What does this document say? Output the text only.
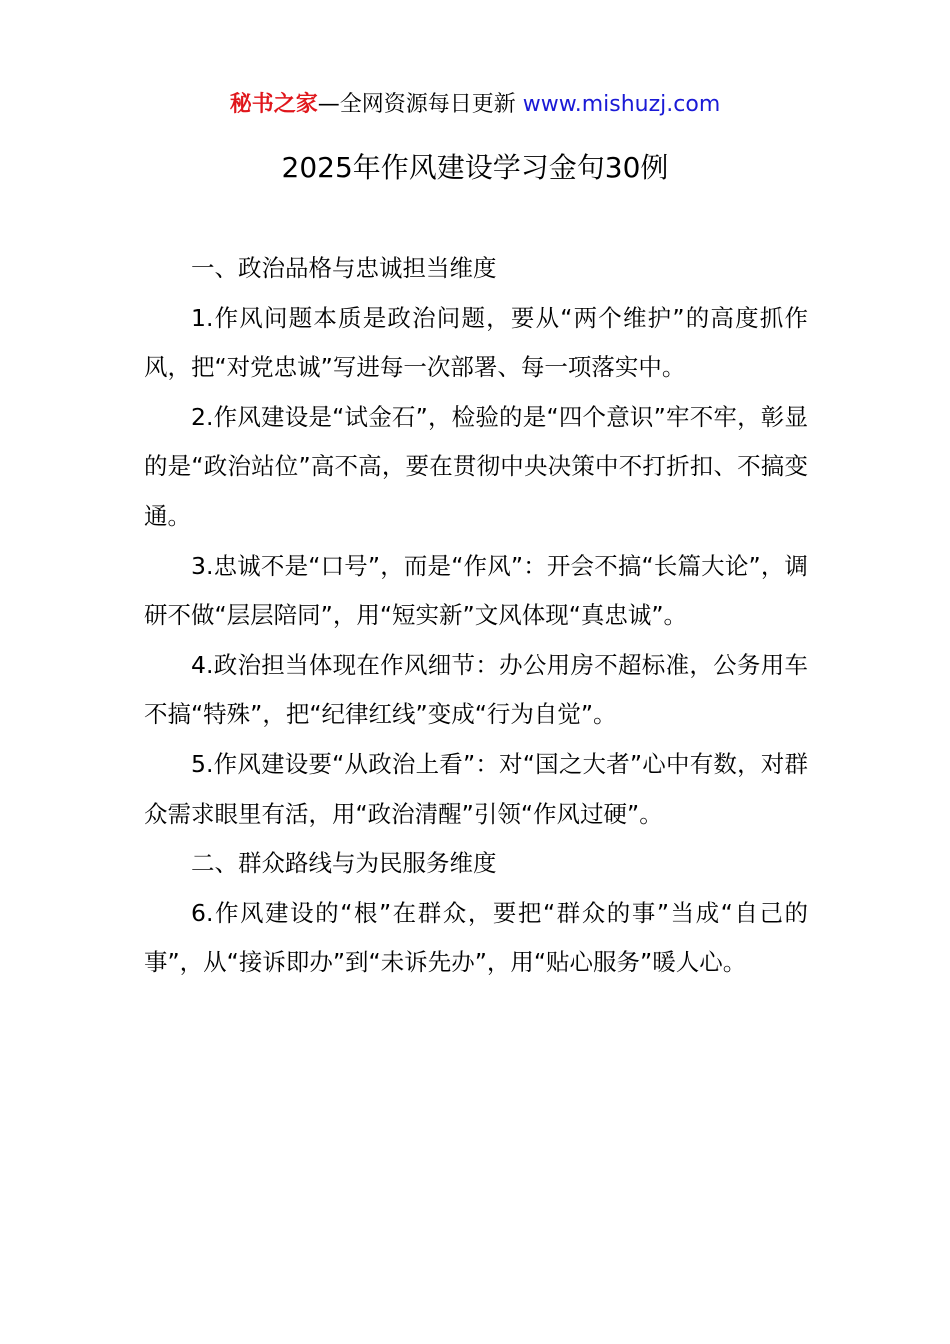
秘书之家—全网资源每日更新 www.mishuzj.com
2025年作风建设学习金句30例

一、政治品格与忠诚担当维度

1.作风问题本质是政治问题，要从“两个维护”的高度抓作风，把“对党忠诚”写进每一次部署、每一项落实中。

2.作风建设是“试金石”，检验的是“四个意识”牢不牢，彰显的是“政治站位”高不高，要在贯彻中央决策中不打折扣、不搞变通。

3.忠诚不是“口号”，而是“作风”：开会不搞“长篇大论”，调研不做“层层陪同”，用“短实新”文风体现“真忠诚”。

4.政治担当体现在作风细节：办公用房不超标准，公务用车不搞“特殊”，把“纪律红线”变成“行为自觉”。

5.作风建设要“从政治上看”：对“国之大者”心中有数，对群众需求眼里有活，用“政治清醒”引领“作风过硬”。

二、群众路线与为民服务维度

6.作风建设的“根”在群众，要把“群众的事”当成“自己的事”，从“接诉即办”到“未诉先办”，用“贴心服务”暖人心。
